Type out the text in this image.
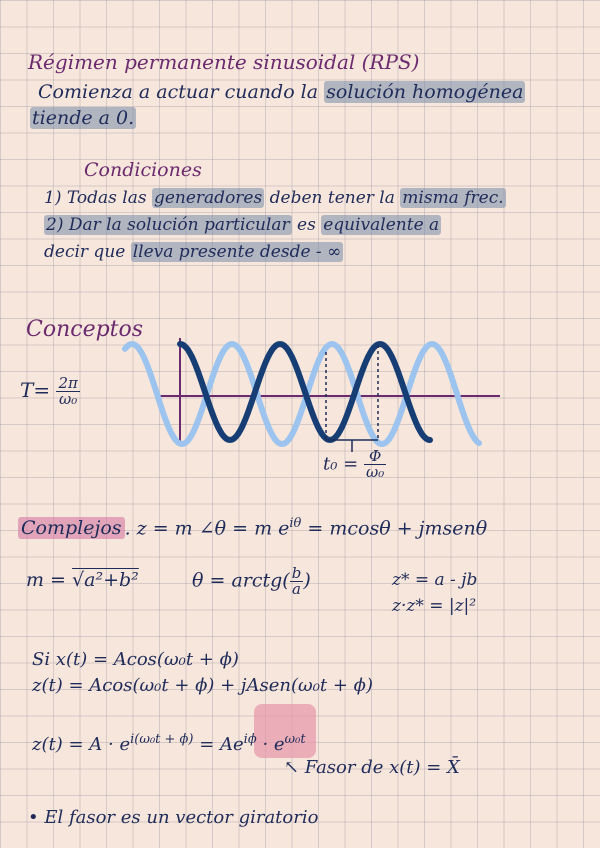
Régimen permanente sinusoidal (RPS)
Comienza a actuar cuando la solución homogénea
tiende a 0.
Condiciones
1) Todas las generadores deben tener la misma frec.
2) Dar la solución particular es equivalente a
decir que lleva presente desde - ∞
Conceptos
$T= \frac{2\pi}{\text{ω₀}}$
$t_0 = \frac{\Phi}{\text{ω₀}}$
Complejos . z = m ∠θ = m $e^{i\theta} = mcos\theta$ + jmsenθ
m = √a²+b²	θ = arctg( $\frac{b}{a}$ )	z* = a - jb
z·z* = |z|²
Si x(t) = Acos(ω₀t + ϕ)
z(t) = Acos(ω₀t + ϕ) + jAsen(ω₀t + ϕ)
$z(t) = A \cdot e^{i(\omega_0t + \phi)} = Ae^{i\phi} \cdot e^{\omega_0t}$
↖ Fasor de x(t) = X̄
• El fasor es un vector giratorio
